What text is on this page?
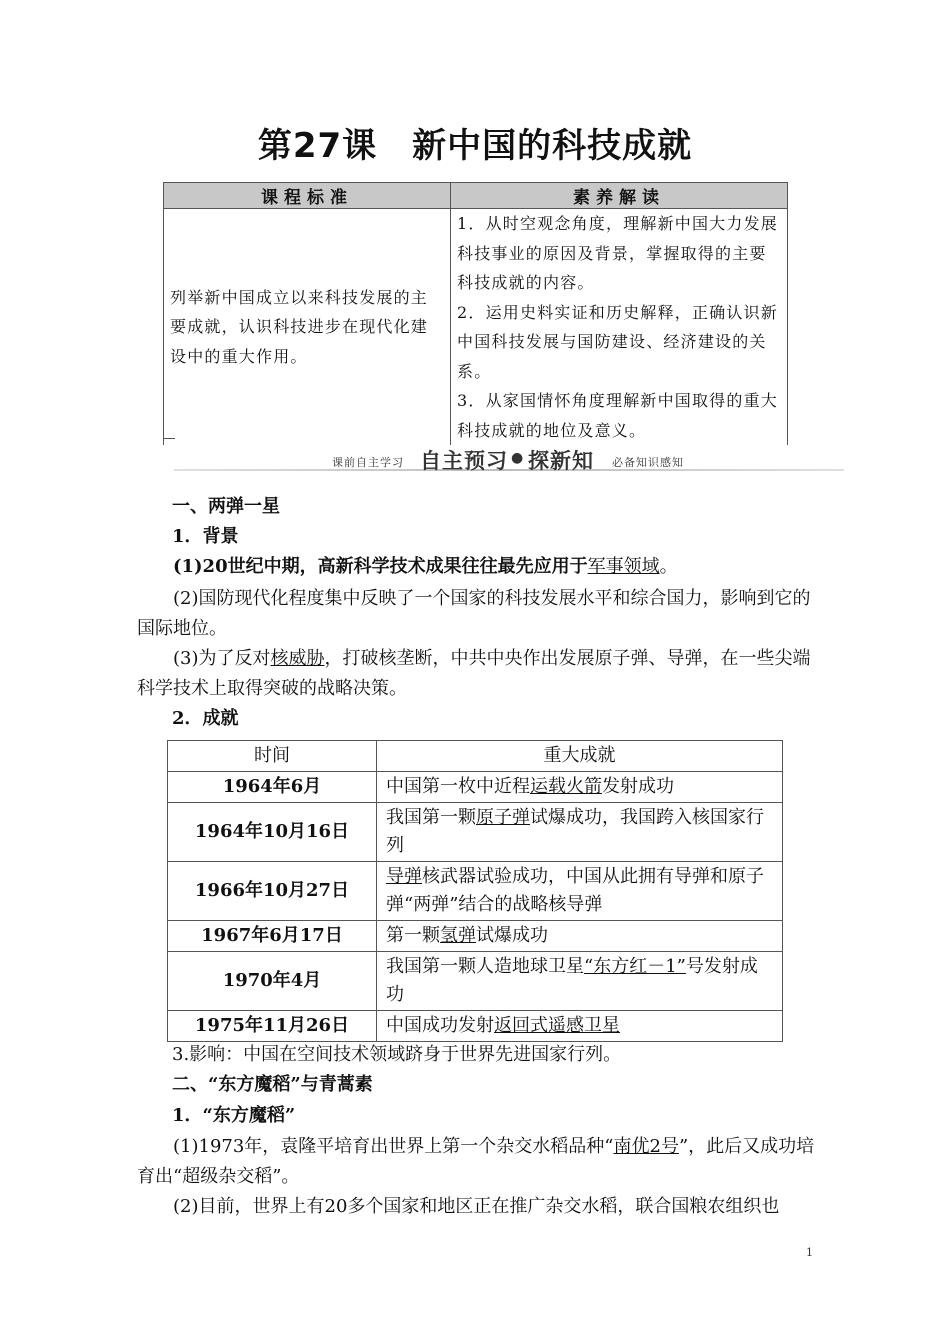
第27课　新中国的科技成就
课程标准	素养解读
列举新中国成立以来科技发展的主要成就，认识科技进步在现代化建设中的重大作用。	1．从时空观念角度，理解新中国大力发展科技事业的原因及背景，掌握取得的主要科技成就的内容。
2．运用史料实证和历史解释，正确认识新中国科技发展与国防建设、经济建设的关系。
3．从家国情怀角度理解新中国取得的重大科技成就的地位及意义。
课前自主学习 自主预习 ● 探新知 必备知识感知
一、两弹一星
1．背景
(1)20世纪中期，高新科学技术成果往往最先应用于军事领域。
(2)国防现代化程度集中反映了一个国家的科技发展水平和综合国力，影响到它的国际地位。
(3)为了反对核威胁，打破核垄断，中共中央作出发展原子弹、导弹，在一些尖端科学技术上取得突破的战略决策。
2．成就
时间	重大成就
1964年6月	中国第一枚中近程运载火箭发射成功
1964年10月16日	我国第一颗原子弹试爆成功，我国跨入核国家行列
1966年10月27日	导弹核武器试验成功，中国从此拥有导弹和原子弹“两弹”结合的战略核导弹
1967年6月17日	第一颗氢弹试爆成功
1970年4月	我国第一颗人造地球卫星“东方红－1”号发射成功
1975年11月26日	中国成功发射返回式遥感卫星
3.影响：中国在空间技术领域跻身于世界先进国家行列。
二、“东方魔稻”与青蒿素
1．“东方魔稻”
(1)1973年，袁隆平培育出世界上第一个杂交水稻品种“南优2号”，此后又成功培育出“超级杂交稻”。
(2)目前，世界上有20多个国家和地区正在推广杂交水稻，联合国粮农组织也
1
